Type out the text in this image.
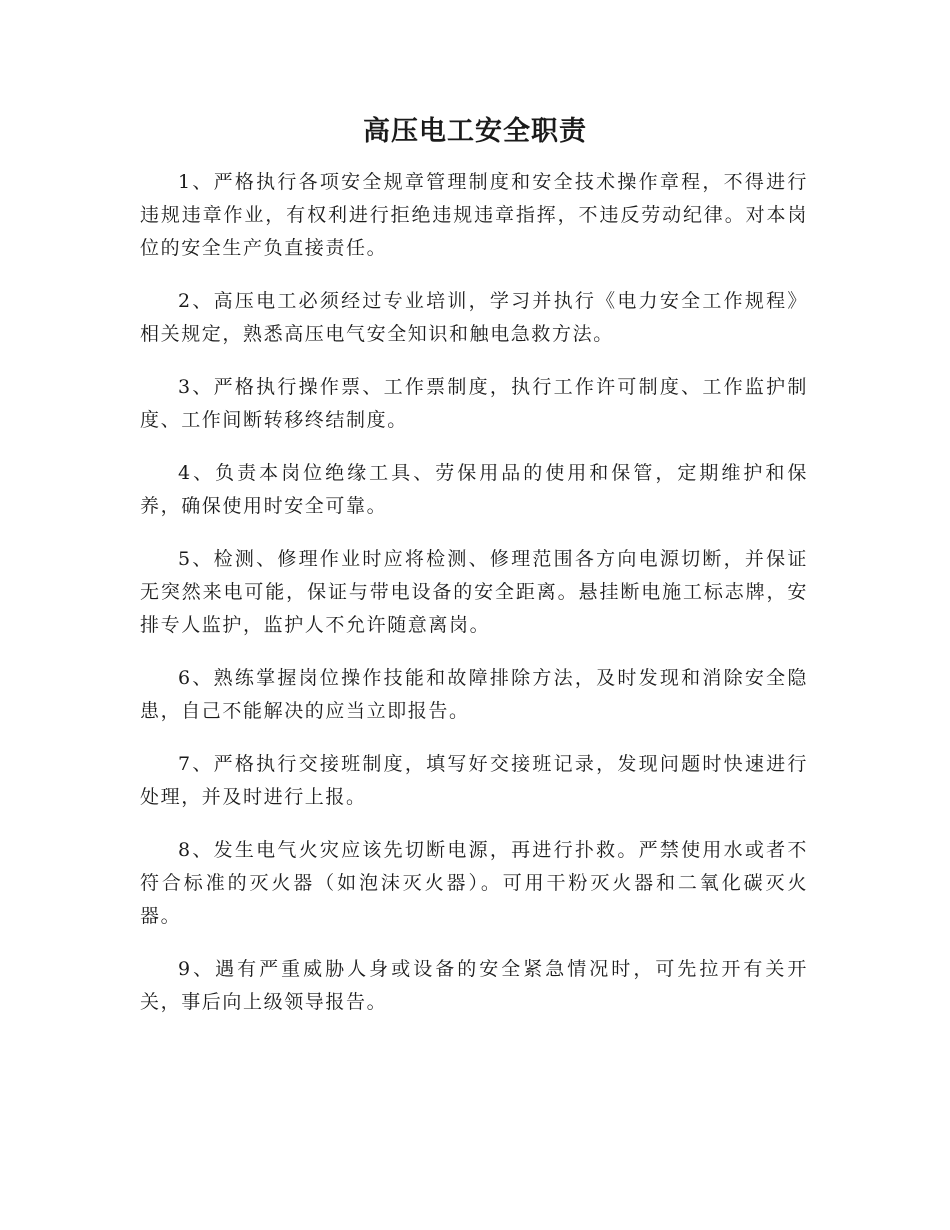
高压电工安全职责

1、严格执行各项安全规章管理制度和安全技术操作章程，不得进行违规违章作业，有权利进行拒绝违规违章指挥，不违反劳动纪律。对本岗位的安全生产负直接责任。

2、高压电工必须经过专业培训，学习并执行《电力安全工作规程》相关规定，熟悉高压电气安全知识和触电急救方法。

3、严格执行操作票、工作票制度，执行工作许可制度、工作监护制度、工作间断转移终结制度。

4、负责本岗位绝缘工具、劳保用品的使用和保管，定期维护和保养，确保使用时安全可靠。

5、检测、修理作业时应将检测、修理范围各方向电源切断，并保证无突然来电可能，保证与带电设备的安全距离。悬挂断电施工标志牌，安排专人监护，监护人不允许随意离岗。

6、熟练掌握岗位操作技能和故障排除方法，及时发现和消除安全隐患，自己不能解决的应当立即报告。

7、严格执行交接班制度，填写好交接班记录，发现问题时快速进行处理，并及时进行上报。

8、发生电气火灾应该先切断电源，再进行扑救。严禁使用水或者不符合标准的灭火器（如泡沫灭火器）。可用干粉灭火器和二氧化碳灭火器。

9、遇有严重威胁人身或设备的安全紧急情况时，可先拉开有关开关，事后向上级领导报告。
